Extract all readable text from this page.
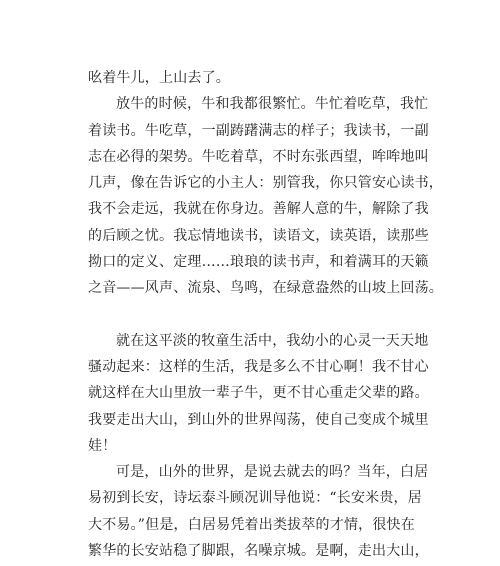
吆着牛儿，上山去了。
放牛的时候，牛和我都很繁忙。牛忙着吃草，我忙
着读书。牛吃草，一副踌躇满志的样子；我读书，一副
志在必得的架势。牛吃着草，不时东张西望，哞哞地叫
几声，像在告诉它的小主人：别管我，你只管安心读书，
我不会走远，我就在你身边。善解人意的牛，解除了我
的后顾之忧。我忘情地读书，读语文，读英语，读那些
拗口的定义、定理……琅琅的读书声，和着满耳的天籁
之音——风声、流泉、鸟鸣，在绿意盎然的山坡上回荡。
就在这平淡的牧童生活中，我幼小的心灵一天天地
骚动起来：这样的生活，我是多么不甘心啊！我不甘心
就这样在大山里放一辈子牛，更不甘心重走父辈的路。
我要走出大山，到山外的世界闯荡，使自己变成个城里
娃！
可是，山外的世界，是说去就去的吗？当年，白居
易初到长安，诗坛泰斗顾况训导他说：“长安米贵，居
大不易。”但是，白居易凭着出类拔萃的才情，很快在
繁华的长安站稳了脚跟，名噪京城。是啊，走出大山，
